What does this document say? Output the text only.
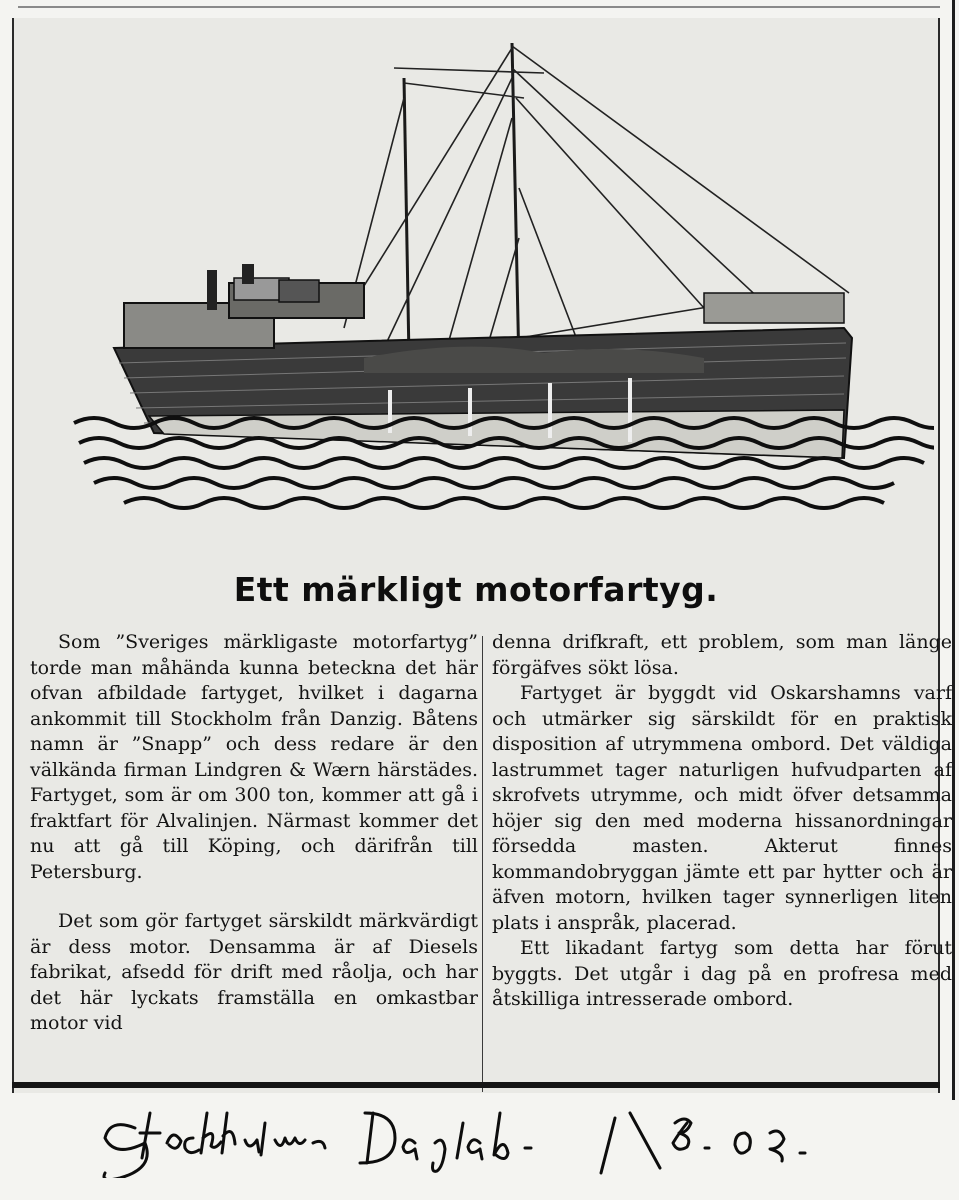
Ett märkligt motorfartyg.

Som ”Sveriges märkligaste motorfartyg” torde man måhända kunna beteckna det här ofvan afbildade fartyget, hvilket i dagarna ankommit till Stockholm från Danzig. Båtens namn är ”Snapp” och dess redare är den välkända firman Lindgren & Wærn härstädes. Fartyget, som är om 300 ton, kommer att gå i fraktfart för Alvalinjen. Närmast kommer det nu att gå till Köping, och därifrån till Petersburg.

Det som gör fartyget särskildt märkvärdigt är dess motor. Densamma är af Diesels fabrikat, afsedd för drift med råolja, och har det här lyckats framställa en omkastbar motor vid

denna drifkraft, ett problem, som man länge förgäfves sökt lösa.

Fartyget är byggdt vid Oskarshamns varf och utmärker sig särskildt för en praktisk disposition af utrymmena ombord. Det väldiga lastrummet tager naturligen hufvudparten af skrofvets utrymme, och midt öfver detsamma höjer sig den med moderna hissanordningar försedda masten. Akterut finnes kommandobryggan jämte ett par hytter och är äfven motorn, hvilken tager synnerligen liten plats i anspråk, placerad.

Ett likadant fartyg som detta har förut byggts. Det utgår i dag på en profresa med åtskilliga intresserade ombord.
